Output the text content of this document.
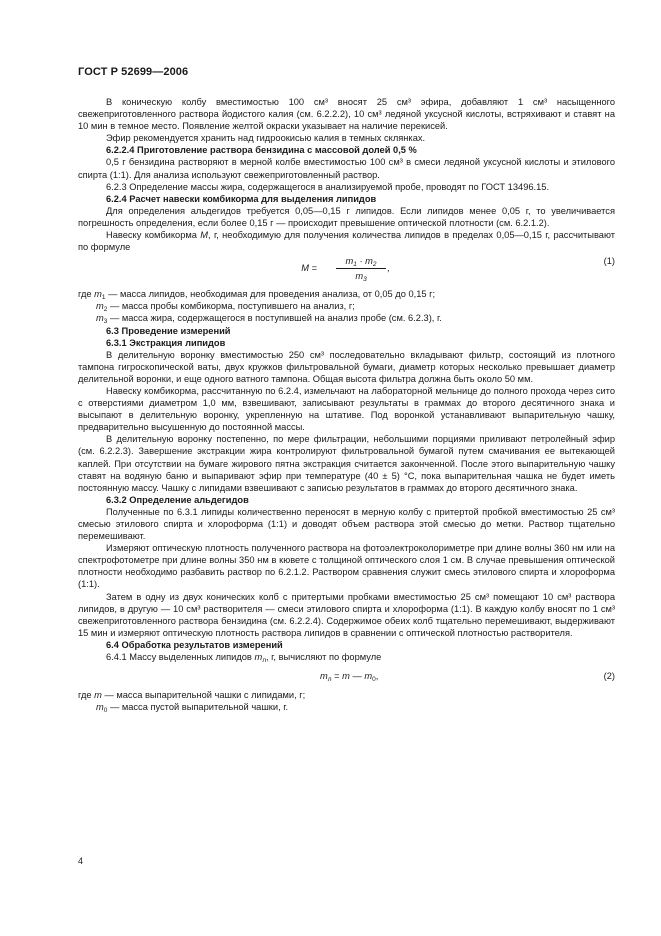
ГОСТ Р 52699—2006

В коническую колбу вместимостью 100 см³ вносят 25 см³ эфира, добавляют 1 см³ насыщенного свежеприготовленного раствора йодистого калия (см. 6.2.2.2), 10 см³ ледяной уксусной кислоты, встряхивают и ставят на 10 мин в темное место. Появление желтой окраски указывает на наличие перекисей.

Эфир рекомендуется хранить над гидроокисью калия в темных склянках.

6.2.2.4 Приготовление раствора бензидина с массовой долей 0,5 %

0,5 г бензидина растворяют в мерной колбе вместимостью 100 см³ в смеси ледяной уксусной кислоты и этилового спирта (1:1). Для анализа используют свежеприготовленный раствор.

6.2.3 Определение массы жира, содержащегося в анализируемой пробе, проводят по ГОСТ 13496.15.

6.2.4 Расчет навески комбикорма для выделения липидов

Для определения альдегидов требуется 0,05—0,15 г липидов. Если липидов менее 0,05 г, то увеличивается погрешность определения, если более 0,15 г — происходит превышение оптической плотности (см. 6.2.1.2).

Навеску комбикорма M, г, необходимую для получения количества липидов в пределах 0,05—0,15 г, рассчитывают по формуле

$M = \frac{m_1 \cdot m_2}{m_3}$ ,
(1)

где $m_1$ — масса липидов, необходимая для проведения анализа, от 0,05 до 0,15 г;

$m_2$ — масса пробы комбикорма, поступившего на анализ, г;

$m_3$ — масса жира, содержащегося в поступившей на анализ пробе (см. 6.2.3), г.

6.3 Проведение измерений

6.3.1 Экстракция липидов

В делительную воронку вместимостью 250 см³ последовательно вкладывают фильтр, состоящий из плотного тампона гигроскопической ваты, двух кружков фильтровальной бумаги, диаметр которых несколько превышает диаметр делительной воронки, и еще одного ватного тампона. Общая высота фильтра должна быть около 50 мм.

Навеску комбикорма, рассчитанную по 6.2.4, измельчают на лабораторной мельнице до полного прохода через сито с отверстиями диаметром 1,0 мм, взвешивают, записывают результаты в граммах до второго десятичного знака и высыпают в делительную воронку, укрепленную на штативе. Под воронкой устанавливают выпарительную чашку, предварительно высушенную до постоянной массы.

В делительную воронку постепенно, по мере фильтрации, небольшими порциями приливают петролейный эфир (см. 6.2.2.3). Завершение экстракции жира контролируют фильтровальной бумагой путем смачивания ее вытекающей каплей. При отсутствии на бумаге жирового пятна экстракция считается законченной. После этого выпарительную чашку ставят на водяную баню и выпаривают эфир при температуре (40 ± 5) °С, пока выпарительная чашка не будет иметь постоянную массу. Чашку с липидами взвешивают с записью результатов в граммах до второго десятичного знака.

6.3.2 Определение альдегидов

Полученные по 6.3.1 липиды количественно переносят в мерную колбу с притертой пробкой вместимостью 25 см³ смесью этилового спирта и хлороформа (1:1) и доводят объем раствора этой смесью до метки. Раствор тщательно перемешивают.

Измеряют оптическую плотность полученного раствора на фотоэлектроколориметре при длине волны 360 нм или на спектрофотометре при длине волны 350 нм в кювете с толщиной оптического слоя 1 см. В случае превышения оптической плотности необходимо разбавить раствор по 6.2.1.2. Раствором сравнения служит смесь этилового спирта и хлороформа (1:1).

Затем в одну из двух конических колб с притертыми пробками вместимостью 25 см³ помещают 10 см³ раствора липидов, в другую — 10 см³ растворителя — смеси этилового спирта и хлороформа (1:1). В каждую колбу вносят по 1 см³ свежеприготовленного раствора бензидина (см. 6.2.2.4). Содержимое обеих колб тщательно перемешивают, выдерживают 15 мин и измеряют оптическую плотность раствора липидов в сравнении с оптической плотностью растворителя.

6.4 Обработка результатов измерений

6.4.1 Массу выделенных липидов $m_л$, г, вычисляют по формуле

$m_л = m$ — $m_0$,	(2)

где m — масса выпарительной чашки с липидами, г;

$m_0$ — масса пустой выпарительной чашки, г.

4
